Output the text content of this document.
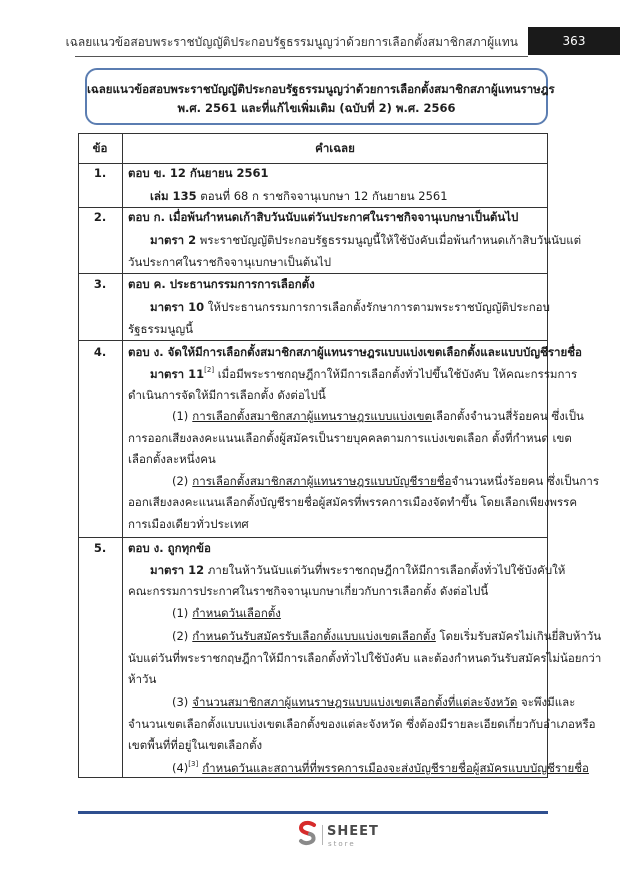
เฉลยแนวข้อสอบพระราชบัญญัติประกอบรัฐธรรมนูญว่าด้วยการเลือกตั้งสมาชิกสภาผู้แทน	363
เฉลยแนวข้อสอบพระราชบัญญัติประกอบรัฐธรรมนูญว่าด้วยการเลือกตั้งสมาชิกสภาผู้แทนราษฎร
พ.ศ. 2561 และที่แก้ไขเพิ่มเติม (ฉบับที่ 2) พ.ศ. 2566
ข้อ	คำเฉลย
1.	ตอบ ข. 12 กันยายน 2561
เล่ม 135 ตอนที่ 68 ก ราชกิจจานุเบกษา 12 กันยายน 2561
2.	ตอบ ก. เมื่อพ้นกำหนดเก้าสิบวันนับแต่วันประกาศในราชกิจจานุเบกษาเป็นต้นไป
มาตรา 2 พระราชบัญญัติประกอบรัฐธรรมนูญนี้ให้ใช้บังคับเมื่อพ้นกำหนดเก้าสิบวันนับแต่
วันประกาศในราชกิจจานุเบกษาเป็นต้นไป
3.	ตอบ ค. ประธานกรรมการการเลือกตั้ง
มาตรา 10 ให้ประธานกรรมการการเลือกตั้งรักษาการตามพระราชบัญญัติประกอบ
รัฐธรรมนูญนี้
4.	ตอบ ง. จัดให้มีการเลือกตั้งสมาชิกสภาผู้แทนราษฎรแบบแบ่งเขตเลือกตั้งและแบบบัญชีรายชื่อ
มาตรา 11[2] เมื่อมีพระราชกฤษฎีกาให้มีการเลือกตั้งทั่วไปขึ้นใช้บังคับ ให้คณะกรรมการ
ดำเนินการจัดให้มีการเลือกตั้ง ดังต่อไปนี้
(1) การเลือกตั้งสมาชิกสภาผู้แทนราษฎรแบบแบ่งเขตเลือกตั้งจำนวนสี่ร้อยคน ซึ่งเป็น
การออกเสียงลงคะแนนเลือกตั้งผู้สมัครเป็นรายบุคคลตามการแบ่งเขตเลือก ตั้งที่กำหนด เขต
เลือกตั้งละหนึ่งคน
(2) การเลือกตั้งสมาชิกสภาผู้แทนราษฎรแบบบัญชีรายชื่อจำนวนหนึ่งร้อยคน ซึ่งเป็นการ
ออกเสียงลงคะแนนเลือกตั้งบัญชีรายชื่อผู้สมัครที่พรรคการเมืองจัดทำขึ้น โดยเลือกเพียงพรรค
การเมืองเดียวทั่วประเทศ
5.	ตอบ ง. ถูกทุกข้อ
มาตรา 12 ภายในห้าวันนับแต่วันที่พระราชกฤษฎีกาให้มีการเลือกตั้งทั่วไปใช้บังคับให้
คณะกรรมการประกาศในราชกิจจานุเบกษาเกี่ยวกับการเลือกตั้ง ดังต่อไปนี้
(1) กำหนดวันเลือกตั้ง
(2) กำหนดวันรับสมัครรับเลือกตั้งแบบแบ่งเขตเลือกตั้ง โดยเริ่มรับสมัครไม่เกินยี่สิบห้าวัน
นับแต่วันที่พระราชกฤษฎีกาให้มีการเลือกตั้งทั่วไปใช้บังคับ และต้องกำหนดวันรับสมัครไม่น้อยกว่า
ห้าวัน
(3) จำนวนสมาชิกสภาผู้แทนราษฎรแบบแบ่งเขตเลือกตั้งที่แต่ละจังหวัด จะพึงมีและ
จำนวนเขตเลือกตั้งแบบแบ่งเขตเลือกตั้งของแต่ละจังหวัด ซึ่งต้องมีรายละเอียดเกี่ยวกับอำเภอหรือ
เขตพื้นที่ที่อยู่ในเขตเลือกตั้ง
(4)[3] กำหนดวันและสถานที่ที่พรรคการเมืองจะส่งบัญชีรายชื่อผู้สมัครแบบบัญชีรายชื่อ
SHEET
store
